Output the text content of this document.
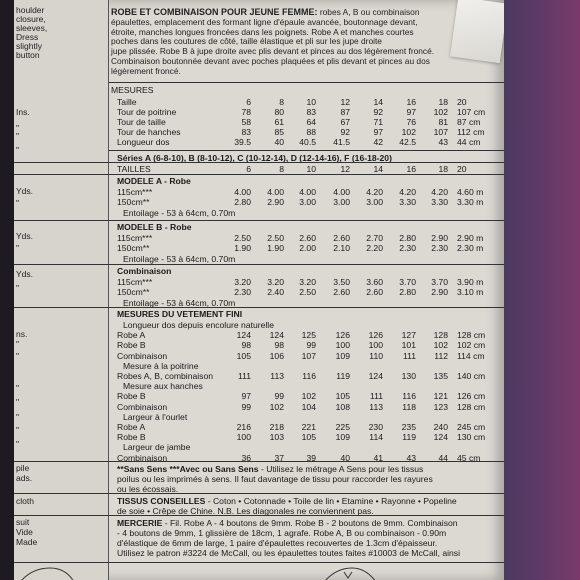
houlder
closure,
sleeves,
Dress
slightly
button
Ins.
"
"
"
Yds.
"
Yds.
"
Yds.
"
ns.
"
"
"
"
"
"
"
pile
ads.
cloth
suit
Vide
Made
ROBE ET COMBINAISON POUR JEUNE FEMME: robes A, B ou combinaison
épaulettes, emplacement des formant ligne d'épaule avancée, boutonnage devant,
étroite, manches longues froncées dans les poignets. Robe A et manches courtes
poches dans les coutures de côté, taille élastique et pli sur les jupe droite
jupe plissée. Robe B à jupe droite avec plis devant et pinces au dos légèrement froncé.
Combinaison boutonnée devant avec poches plaquées et plis devant et pinces au dos
légèrement froncé.
MESURES
Taille	6	8	10	12	14	16	18 20
Tour de poitrine	78	80	83	87	92	97	102 107 cm
Tour de taille	58	61	64	67	71	76	81 87 cm
Tour de hanches	83	85	88	92	97	102	107 112 cm
Longueur dos	39.5	40	40.5	41.5	42	42.5	43 44 cm
Séries A (6-8-10), B (8-10-12), C (10-12-14), D (12-14-16), F (16-18-20)
TAILLES	6	8	10	12	14	16	18 20
MODELE A - Robe
115cm***	4.00	4.00	4.00	4.00	4.20	4.20	4.20 4.60 m
150cm**	2.80	2.90	3.00	3.00	3.00	3.30	3.30 3.30 m
Entoilage - 53 à 64cm, 0.70m
MODELE B - Robe
115cm***	2.50	2.50	2.60	2.60	2.70	2.80	2.90 2.90 m
150cm**	1.90	1.90	2.00	2.10	2.20	2.30	2.30 2.30 m
Entoilage - 53 à 64cm, 0.70m
Combinaison
115cm***	3.20	3.20	3.20	3.50	3.60	3.70	3.70 3.90 m
150cm**	2.30	2.40	2.50	2.60	2.60	2.80	2.90 3.10 m
Entoilage - 53 à 64cm, 0.70m
MESURES DU VETEMENT FINI
Longueur dos depuis encolure naturelle
Robe A	124	124	125	126	126	127	128 128 cm
Robe B	98	98	99	100	100	101	102 102 cm
Combinaison	105	106	107	109	110	111	112 114 cm
Mesure à la poitrine
Robes A, B, combinaison	111	113	116	119	124	130	135 140 cm
Mesure aux hanches
Robe B	97	99	102	105	111	116	121 126 cm
Combinaison	99	102	104	108	113	118	123 128 cm
Largeur à l'ourlet
Robe A	216	218	221	225	230	235	240 245 cm
Robe B	100	103	105	109	114	119	124 130 cm
Largeur de jambe
Combinaison	36	37	39	40	41	43	44 45 cm
**Sans Sens ***Avec ou Sans Sens - Utilisez le métrage A Sens pour les tissus
poilus ou les imprimés à sens. Il faut davantage de tissu pour raccorder les rayures
ou les écossais.
TISSUS CONSEILLES - Coton • Cotonnade • Toile de lin • Etamine • Rayonne • Popeline
de soie • Crêpe de Chine. N.B. Les diagonales ne conviennent pas.
MERCERIE - Fil. Robe A - 4 boutons de 9mm. Robe B - 2 boutons de 9mm. Combinaison
- 4 boutons de 9mm, 1 glissière de 18cm, 1 agrafe. Robe A, B ou combinaison - 0.90m
d'élastique de 6mm de large, 1 paire d'épaulettes recouvertes de 1.3cm d'épaisseur.
Utilisez le patron #3224 de McCall, ou les épaulettes toutes faites #10003 de McCall, ainsi
